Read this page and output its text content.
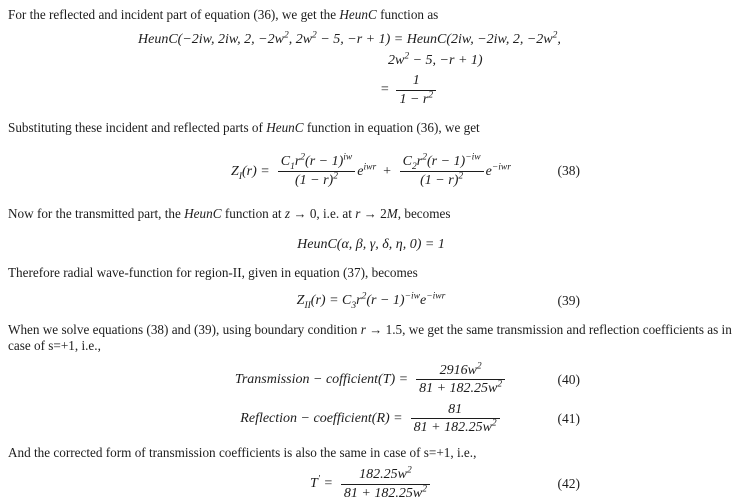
For the reflected and incident part of equation (36), we get the HeunC function as

HeunC(−2iw, 2iw, 2, $-2w^2$, $2w^2 - 5$, −r + 1) = HeunC(2iw, −2iw, 2, $-2w^2$,
$2w^2 - 5$, −r + 1)
= $\frac{1}{1 - r^2}$

Substituting these incident and reflected parts of HeunC function in equation (36), we get

$Z_I(r) = \frac{C_1r^2(r - 1)^{iw}}{(1 - r)^2} e^{iwr} + \frac{C_2r^2(r - 1)^{-iw}}{(1 - r)^2} e^{-iwr}$	(38)

Now for the transmitted part, the HeunC function at z → 0, i.e. at r → 2M, becomes

HeunC(α, β, γ, δ, η, 0) = 1

Therefore radial wave-function for region-II, given in equation (37), becomes

$Z_{II}(r) = C_3r^2(r - 1)^{-iw}e^{-iwr}$	(39)

When we solve equations (38) and (39), using boundary condition r → 1.5, we get the same transmission and reflection coefficients as in case of s=+1, i.e.,

Transmission − cofficient(T) = $\frac{2916w^2}{81 + 182.25w^2}$	(40)
Reflection − coefficient(R) = $\frac{81}{81 + 182.25w^2}$	(41)

And the corrected form of transmission coefficients is also the same in case of s=+1, i.e.,

$T' = \frac{182.25w^2}{81 + 182.25w^2}$	(42)
